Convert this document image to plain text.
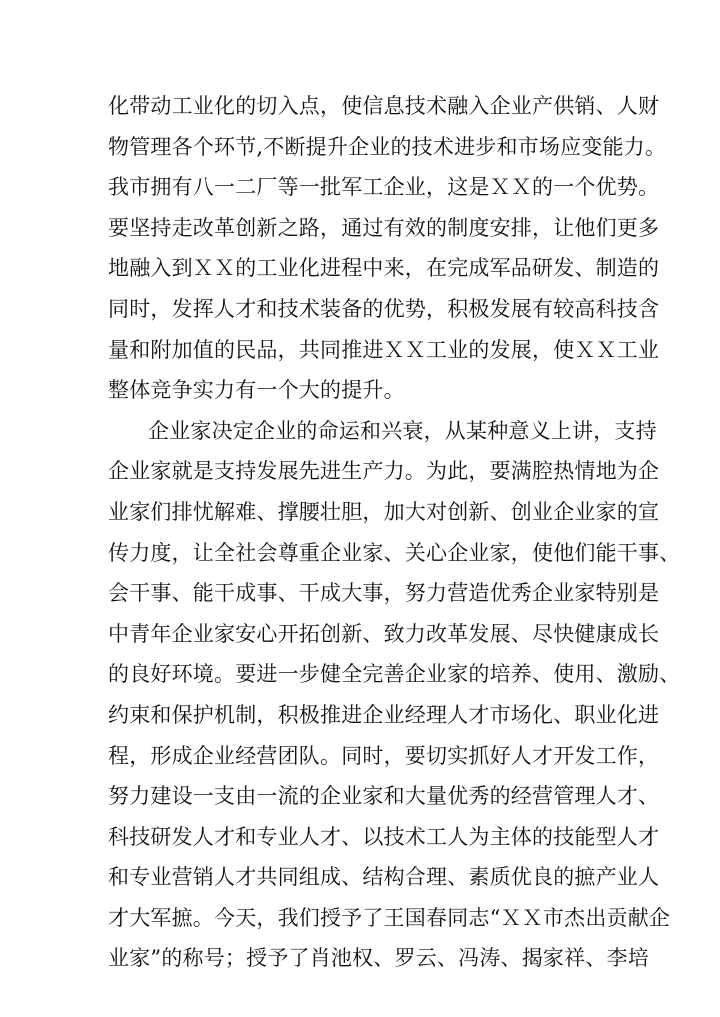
化带动工业化的切入点，使信息技术融入企业产供销、人财
物管理各个环节,不断提升企业的技术进步和市场应变能力。
我市拥有八一二厂等一批军工企业，这是ＸＸ的一个优势。
要坚持走改革创新之路，通过有效的制度安排，让他们更多
地融入到ＸＸ的工业化进程中来，在完成军品研发、制造的
同时，发挥人才和技术装备的优势，积极发展有较高科技含
量和附加值的民品，共同推进ＸＸ工业的发展，使ＸＸ工业
整体竞争实力有一个大的提升。
企业家决定企业的命运和兴衰，从某种意义上讲，支持
企业家就是支持发展先进生产力。为此，要满腔热情地为企
业家们排忧解难、撑腰壮胆，加大对创新、创业企业家的宣
传力度，让全社会尊重企业家、关心企业家，使他们能干事、
会干事、能干成事、干成大事，努力营造优秀企业家特别是
中青年企业家安心开拓创新、致力改革发展、尽快健康成长
的良好环境。要进一步健全完善企业家的培养、使用、激励、
约束和保护机制，积极推进企业经理人才市场化、职业化进
程，形成企业经营团队。同时，要切实抓好人才开发工作，
努力建设一支由一流的企业家和大量优秀的经营管理人才、
科技研发人才和专业人才、以技术工人为主体的技能型人才
和专业营销人才共同组成、结构合理、素质优良的摭产业人
才大军摭。今天，我们授予了王国春同志“ＸＸ市杰出贡献企
业家”的称号；授予了肖池权、罗云、冯涛、揭家祥、李培
